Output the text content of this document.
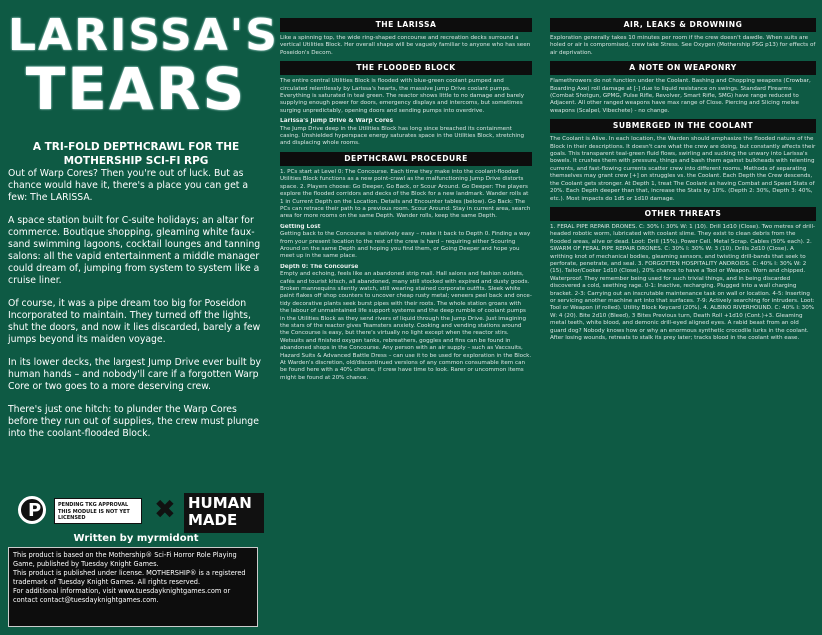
LARISSA'S
TEARS
A TRI-FOLD DEPTHCRAWL FOR THE
MOTHERSHIP SCI-FI RPG

Out of Warp Cores? Then you're out of luck. But as chance would have it, there's a place you can get a few: The LARISSA.

A space station built for C-suite holidays; an altar for commerce. Boutique shopping, gleaming white faux-sand swimming lagoons, cocktail lounges and tanning salons: all the vapid entertainment a middle manager could dream of, jumping from system to system like a cruise liner.

Of course, it was a pipe dream too big for Poseidon Incorporated to maintain. They turned off the lights, shut the doors, and now it lies discarded, barely a few jumps beyond its maiden voyage.

In its lower decks, the largest Jump Drive ever built by human hands – and nobody'll care if a forgotten Warp Core or two goes to a more deserving crew.

There's just one hitch: to plunder the Warp Cores before they run out of supplies, the crew must plunge into the coolant-flooded Block.

P	PENDING TKG APPROVAL THIS MODULE IS NOT YET LICENSED	✖ HUMAN MADE
Written by myrmidont

This product is based on the Mothership® Sci-Fi Horror Role Playing Game, published by Tuesday Knight Games.

This product is published under license. MOTHERSHIP® is a registered trademark of Tuesday Knight Games. All rights reserved.

For additional information, visit www.tuesdayknightgames.com or contact contact@tuesdayknightgames.com.

THE LARISSA
Like a spinning top, the wide ring-shaped concourse and recreation decks surround a vertical Utilities Block. Her overall shape will be vaguely familiar to anyone who has seen Poseidon's Decom.
THE FLOODED BLOCK
The entire central Utilities Block is flooded with blue-green coolant pumped and circulated relentlessly by Larissa's hearts, the massive Jump Drive coolant pumps. Everything is saturated in teal green. The reactor shows little to no damage and barely supplying enough power for doors, emergency displays and intercoms, but sometimes surging unpredictably, opening doors and sending pumps into overdrive.
Larissa's Jump Drive & Warp Cores
The Jump Drive deep in the Utilities Block has long since breached its containment casing. Unshielded hyperspace energy saturates space in the Utilities Block, stretching and displacing whole rooms.
DEPTHCRAWL PROCEDURE
1. PCs start at Level 0: The Concourse. Each time they make into the coolant-flooded Utilities Block functions as a new point-crawl as the malfunctioning Jump Drive distorts space. 2. Players choose: Go Deeper, Go Back, or Scour Around. Go Deeper: The players explore the flooded corridors and decks of the Block for a new landmark. Wander rolls at 1 in Current Depth on the Location. Details and Encounter tables (below). Go Back: The PCs can retrace their path to a previous room. Scour Around: Stay in current area, search area for more rooms on the same Depth. Wander rolls, keep the same Depth.
Getting Lost
Getting back to the Concourse is relatively easy – make it back to Depth 0. Finding a way from your present location to the rest of the crew is hard – requiring either Scouring Around on the same Depth and hoping you find them, or Going Deeper and hope you meet up in the same place.
Depth 0: The Concourse
Empty and echoing, feels like an abandoned strip mall. Hall salons and fashion outlets, cafés and tourist kitsch, all abandoned, many still stocked with expired and dusty goods. Broken mannequins silently watch, still wearing stained corporate outfits. Sleek white paint flakes off shop counters to uncover cheap rusty metal; veneers peel back and once-tidy decorative plants seek burst pipes with their roots. The whole station groans with the labour of unmaintained life support systems and the deep rumble of coolant pumps in the Utilities Block as they send rivers of liquid through the Jump Drive. Just imagining the stars of the reactor gives Teamsters anxiety. Cooking and vending stations around the Concourse is easy, but there's virtually no light except when the reactor stirs. Wetsuits and finished oxygen tanks, rebreathers, goggles and fins can be found in abandoned shops in the Concourse. Any person with an air supply – such as Vaccsuits, Hazard Suits & Advanced Battle Dress – can use it to be used for exploration in the Block. At Warden's discretion, old/discontinued versions of any common consumable item can be found here with a 40% chance, if crew have time to look. Rarer or uncommon items might be found at 20% chance.
AIR, LEAKS & DROWNING
Exploration generally takes 10 minutes per room if the crew doesn't dawdle. When suits are holed or air is compromised, crew take Stress. See Oxygen (Mothership PSG p13) for effects of air deprivation.
A NOTE ON WEAPONRY
Flamethrowers do not function under the Coolant. Bashing and Chopping weapons (Crowbar, Boarding Axe) roll damage at [-] due to liquid resistance on swings. Standard Firearms (Combat Shotgun, GPMG, Pulse Rifle, Revolver, Smart Rifle, SMG) have range reduced to Adjacent. All other ranged weapons have max range of Close. Piercing and Slicing melee weapons (Scalpel, Vibechete) - no change.
SUBMERGED IN THE COOLANT
The Coolant is Alive. In each location, the Warden should emphasize the flooded nature of the Block in their descriptions. It doesn't care what the crew are doing, but constantly affects their goals. This transparent teal-green fluid flows, swirling and sucking the unwary into Larissa's bowels. It crushes them with pressure, things and bash them against bulkheads with relenting currents, and fast-flowing currents scatter crew into different rooms. Methods of separating themselves may grant crew [+] on struggles vs. the Coolant. Each Depth the Crew descends, the Coolant gets stronger. At Depth 1, treat The Coolant as having Combat and Speed Stats of 20%. Each Depth deeper than that, increase the Stats by 10%. (Depth 2: 30%, Depth 3: 40%, etc.). Most impacts do 1d5 or 1d10 damage.
OTHER THREATS
1. FERAL PIPE REPAIR DRONES. C: 30% I: 30% W: 1 (10). Drill 1d10 (Close). Two metres of drill-headed robotic worm, lubricated with coolant slime. They exist to clean debris from the flooded areas, alive or dead. Loot: Drill (15%). Power Cell. Metal Scrap. Cables (50% each). 2. SWARM OF FERAL PIPE REPAIR DRONES. C: 30% I: 30% W: 3 (10). Drills 2d10 (Close). A writhing knot of mechanical bodies, gleaming sensors, and twisting drill-bands that seek to perforate, penetrate, and seal. 3. FORGOTTEN HOSPITALITY ANDROIDS. C: 40% I: 30% W: 2 (15). Tailor/Cooker 1d10 (Close), 20% chance to have a Tool or Weapon. Worn and chipped. Waterproof. They remember being used for such trivial things, and in being discarded discovered a cold, seething rage. 0-1: Inactive, recharging. Plugged into a wall charging bracket. 2-3: Carrying out an inscrutable maintenance task on wall or location. 4-5: Inserting or servicing another machine art into that surfaces. 7-9: Actively searching for intruders. Loot: Tool or Weapon (if rolled). Utility Block Keycard (20%). 4. ALBINO RIVERHOUND. C: 40% I: 30% W: 4 (20). Bite 2d10 (Bleed), 3 Bites Previous turn, Death Roll +1d10 (Cont.)+3. Gleaming metal teeth, white blood, and demonic drill-eyed aligned eyes. A rabid beast from an old guard dog? Nobody knows how or why an enormous synthetic crocodile lurks in the coolant. After losing wounds, retreats to stalk its prey later; tracks blood in the coolant with ease.
